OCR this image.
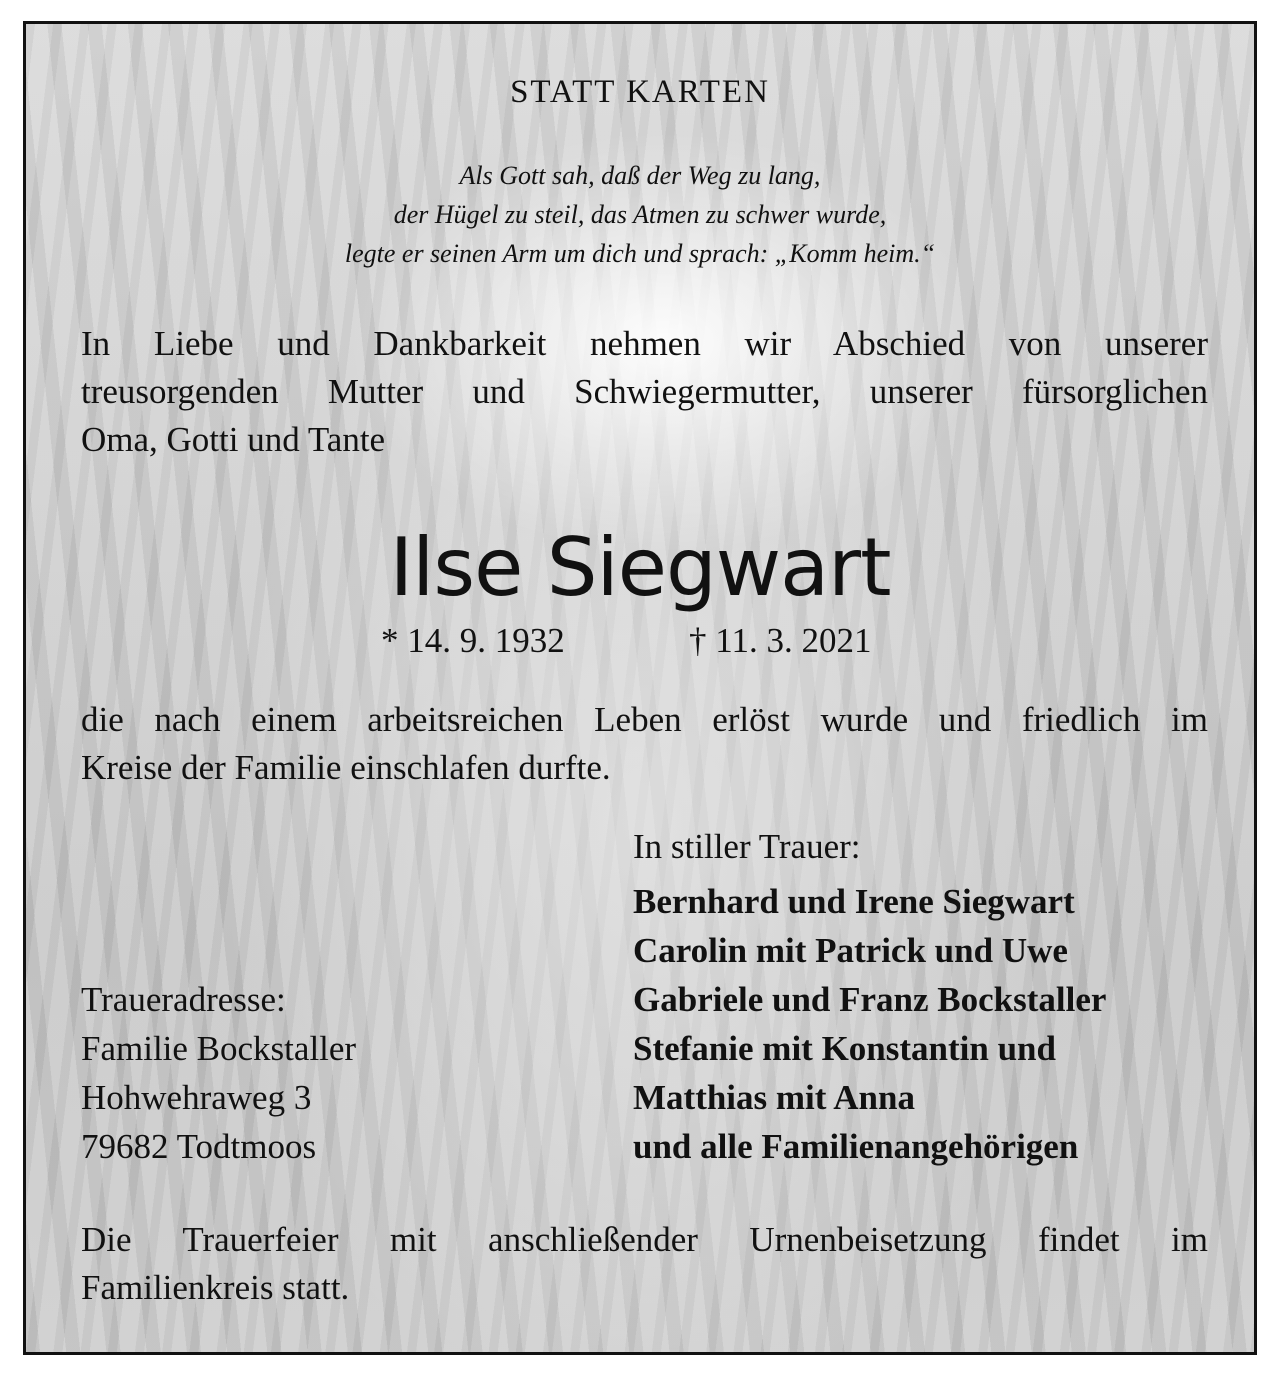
STATT KARTEN
Als Gott sah, daß der Weg zu lang,
der Hügel zu steil, das Atmen zu schwer wurde,
legte er seinen Arm um dich und sprach: „Komm heim.“
In Liebe und Dankbarkeit nehmen wir Abschied von unserer
treusorgenden Mutter und Schwiegermutter, unserer fürsorglichen
Oma, Gotti und Tante
Ilse Siegwart
* 14. 9. 1932	† 11. 3. 2021
die nach einem arbeitsreichen Leben erlöst wurde und friedlich im
Kreise der Familie einschlafen durfte.
In stiller Trauer:
Bernhard und Irene Siegwart
Carolin mit Patrick und Uwe
Gabriele und Franz Bockstaller
Stefanie mit Konstantin und
Matthias mit Anna
und alle Familienangehörigen
Traueradresse:
Familie Bockstaller
Hohwehraweg 3
79682 Todtmoos
Die Trauerfeier mit anschließender Urnenbeisetzung findet im
Familienkreis statt.
